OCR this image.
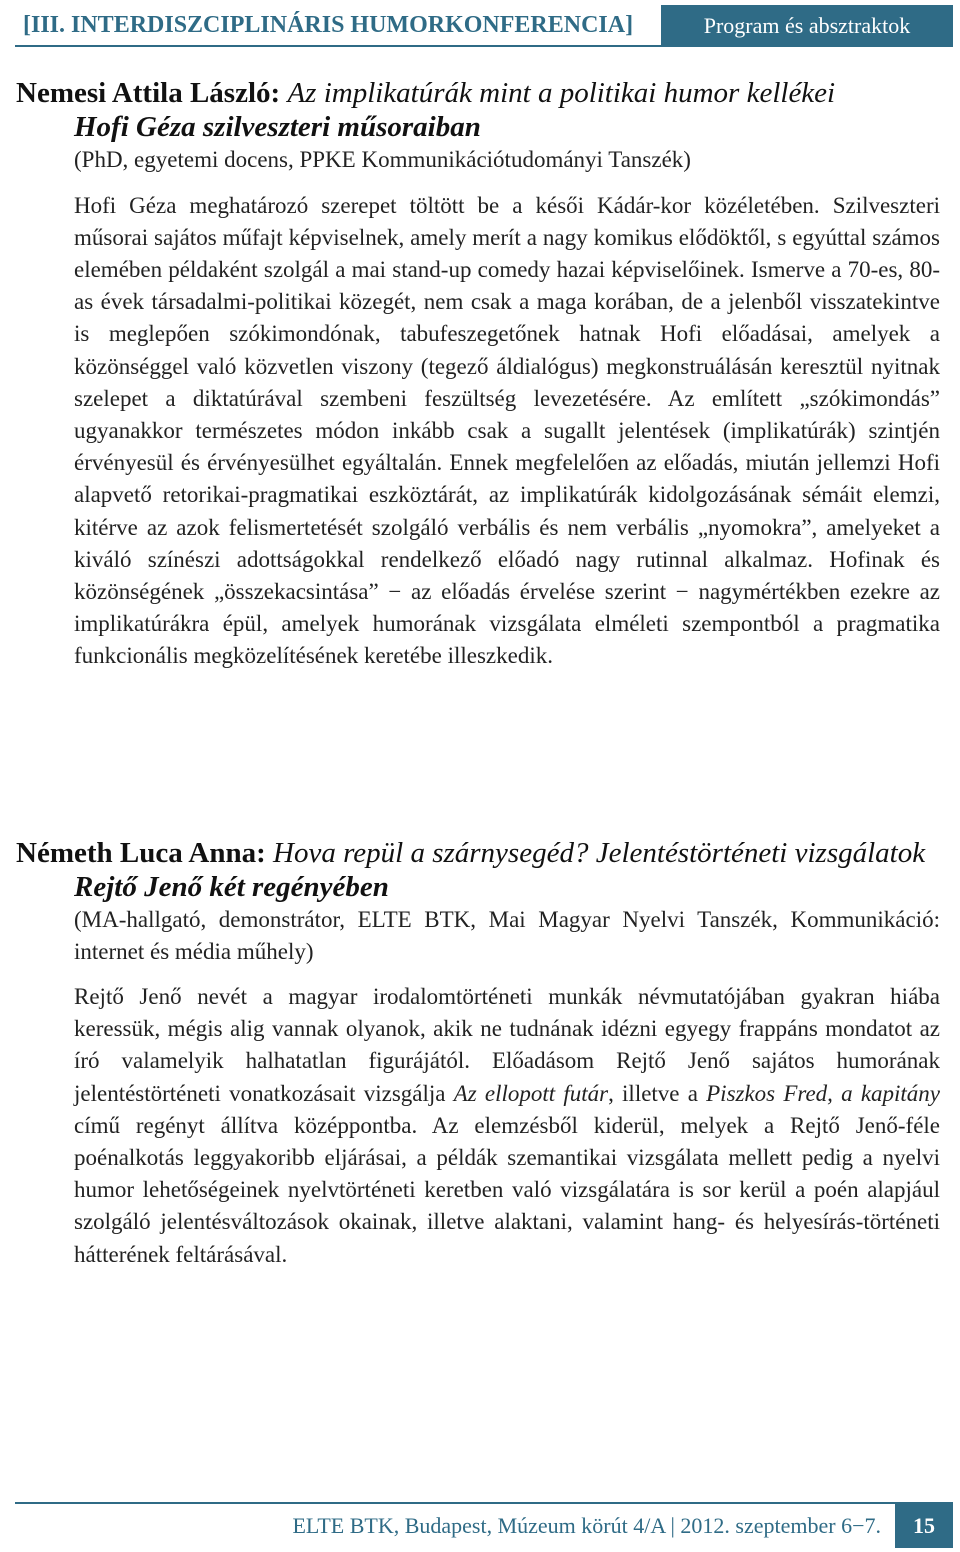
[III. INTERDISZCIPLINÁRIS HUMORKONFERENCIA]	Program és absztraktok
Nemesi Attila László: Az implikatúrák mint a politikai humor kellékei
Hofi Géza szilveszteri műsoraiban

(PhD, egyetemi docens, PPKE Kommunikációtudományi Tanszék)

Hofi Géza meghatározó szerepet töltött be a késői Kádár-kor közéletében. Szilveszteri műsorai sajátos műfajt képviselnek, amely merít a nagy komikus elődöktől, s egyúttal számos elemében példaként szolgál a mai stand-up comedy hazai képviselőinek. Ismerve a 70-es, 80-as évek társadalmi-politikai közegét, nem csak a maga korában, de a jelenből visszatekintve is meglepően szókimondónak, tabufeszegetőnek hatnak Hofi előadásai, amelyek a közönséggel való közvetlen viszony (tegező áldialógus) megkonstruálásán keresztül nyitnak szelepet a diktatúrával szembeni feszültség levezetésére. Az említett „szókimondás” ugyanakkor természetes módon inkább csak a sugallt jelentések (implikatúrák) szintjén érvényesül és érvényesülhet egyáltalán. Ennek megfelelően az előadás, miután jellemzi Hofi alapvető retorikai-pragmatikai eszköztárát, az implikatúrák kidolgozásának sémáit elemzi, kitérve az azok felismertetését szolgáló verbális és nem verbális „nyomokra”, amelyeket a kiváló színészi adottságokkal rendelkező előadó nagy rutinnal alkalmaz. Hofinak és közönségének „összekacsintása” − az előadás érvelése szerint − nagymértékben ezekre az implikatúrákra épül, amelyek humorának vizsgálata elméleti szempontból a pragmatika funkcionális megközelítésének keretébe illeszkedik.

Németh Luca Anna: Hova repül a szárnysegéd? Jelentéstörténeti vizsgálatok
Rejtő Jenő két regényében

(MA-hallgató, demonstrátor, ELTE BTK, Mai Magyar Nyelvi Tanszék, Kommunikáció: internet és média műhely)

Rejtő Jenő nevét a magyar irodalomtörténeti munkák névmutatójában gyakran hiába keressük, mégis alig vannak olyanok, akik ne tudnának idézni egyegy frappáns mondatot az író valamelyik halhatatlan figurájától. Előadásom Rejtő Jenő sajátos humorának jelentéstörténeti vonatkozásait vizsgálja Az ellopott futár, illetve a Piszkos Fred, a kapitány című regényt állítva középpontba. Az elemzésből kiderül, melyek a Rejtő Jenő-féle poénalkotás leggyakoribb eljárásai, a példák szemantikai vizsgálata mellett pedig a nyelvi humor lehetőségeinek nyelvtörténeti keretben való vizsgálatára is sor kerül a poén alapjául szolgáló jelentésváltozások okainak, illetve alaktani, valamint hang- és helyesírás-történeti hátterének feltárásával.

ELTE BTK, Budapest, Múzeum körút 4/A | 2012. szeptember 6−7.	15
